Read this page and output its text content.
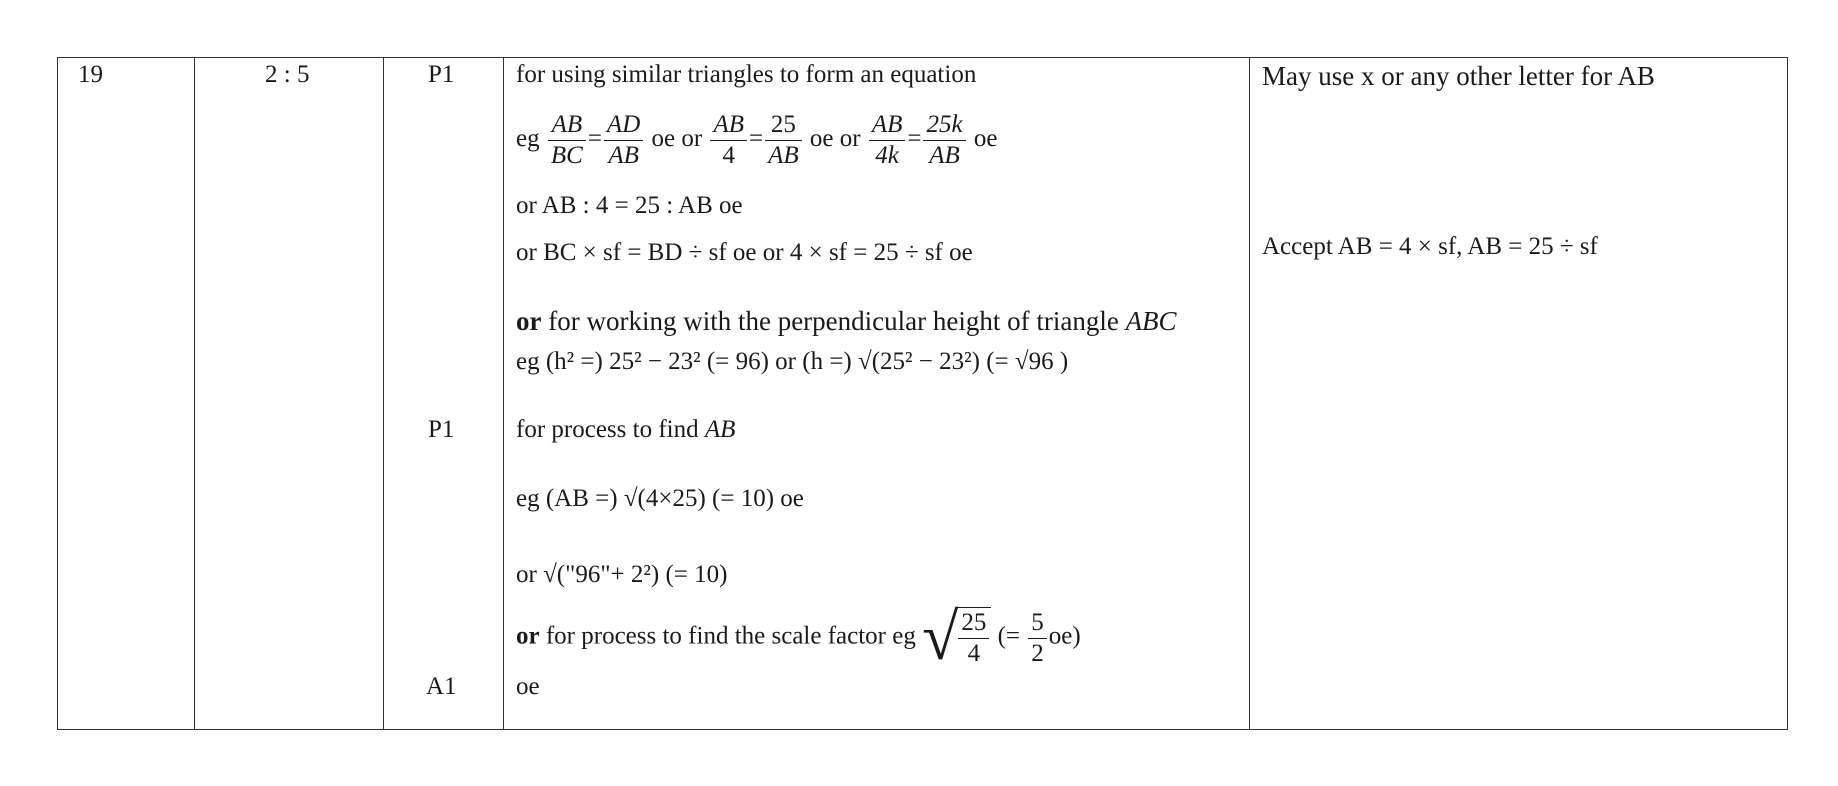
19	2 : 5	P1
P1
A1
for using similar triangles to form an equation
eg $\frac{AB}{BC} = \frac{AD}{AB}$ oe or $\frac{AB}{4} = \frac{25}{AB}$ oe or $\frac{AB}{4k} = \frac{25k}{AB}$ oe
or AB : 4 = 25 : AB oe
or BC × sf = BD ÷ sf oe or 4 × sf = 25 ÷ sf oe
or for working with the perpendicular height of triangle ABC
eg (h² =) 25² − 23² (= 96) or (h =) √(25² − 23²) (= √96 )
for process to find AB
eg (AB =) √(4×25) (= 10) oe
or √("96"+ 2²) (= 10)
or for process to find the scale factor eg √ $\frac{25}{4}$ (= $\frac{5}{2} oe$)
oe
May use x or any other letter for AB
Accept AB = 4 × sf, AB = 25 ÷ sf
